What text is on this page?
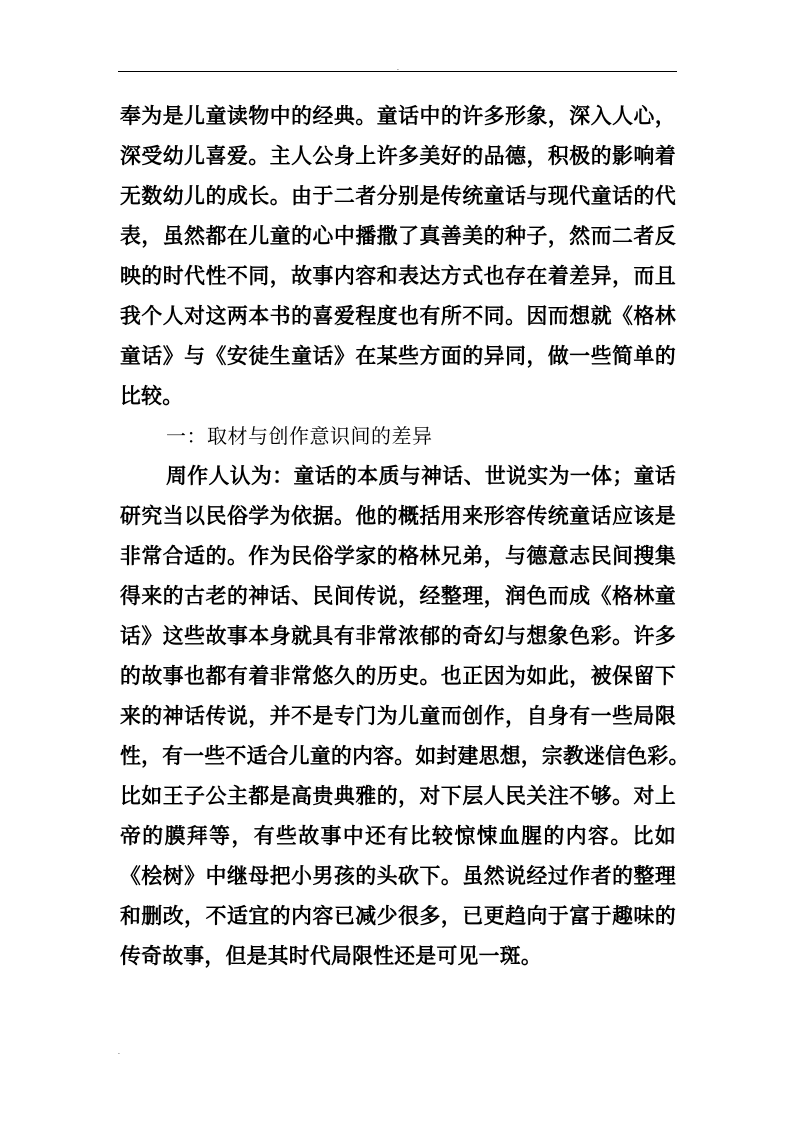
.
奉为是儿童读物中的经典。童话中的许多形象，深入人心，
深受幼儿喜爱。主人公身上许多美好的品德，积极的影响着
无数幼儿的成长。由于二者分别是传统童话与现代童话的代
表，虽然都在儿童的心中播撒了真善美的种子，然而二者反
映的时代性不同，故事内容和表达方式也存在着差异，而且
我个人对这两本书的喜爱程度也有所不同。因而想就《格林
童话》与《安徒生童话》在某些方面的异同，做一些简单的
比较。
一：取材与创作意识间的差异
周作人认为：童话的本质与神话、世说实为一体；童话
研究当以民俗学为依据。他的概括用来形容传统童话应该是
非常合适的。作为民俗学家的格林兄弟，与德意志民间搜集
得来的古老的神话、民间传说，经整理，润色而成《格林童
话》这些故事本身就具有非常浓郁的奇幻与想象色彩。许多
的故事也都有着非常悠久的历史。也正因为如此，被保留下
来的神话传说，并不是专门为儿童而创作，自身有一些局限
性，有一些不适合儿童的内容。如封建思想，宗教迷信色彩。
比如王子公主都是高贵典雅的，对下层人民关注不够。对上
帝的膜拜等，有些故事中还有比较惊悚血腥的内容。比如
《桧树》中继母把小男孩的头砍下。虽然说经过作者的整理
和删改，不适宜的内容已减少很多，已更趋向于富于趣味的
传奇故事，但是其时代局限性还是可见一斑。
.
